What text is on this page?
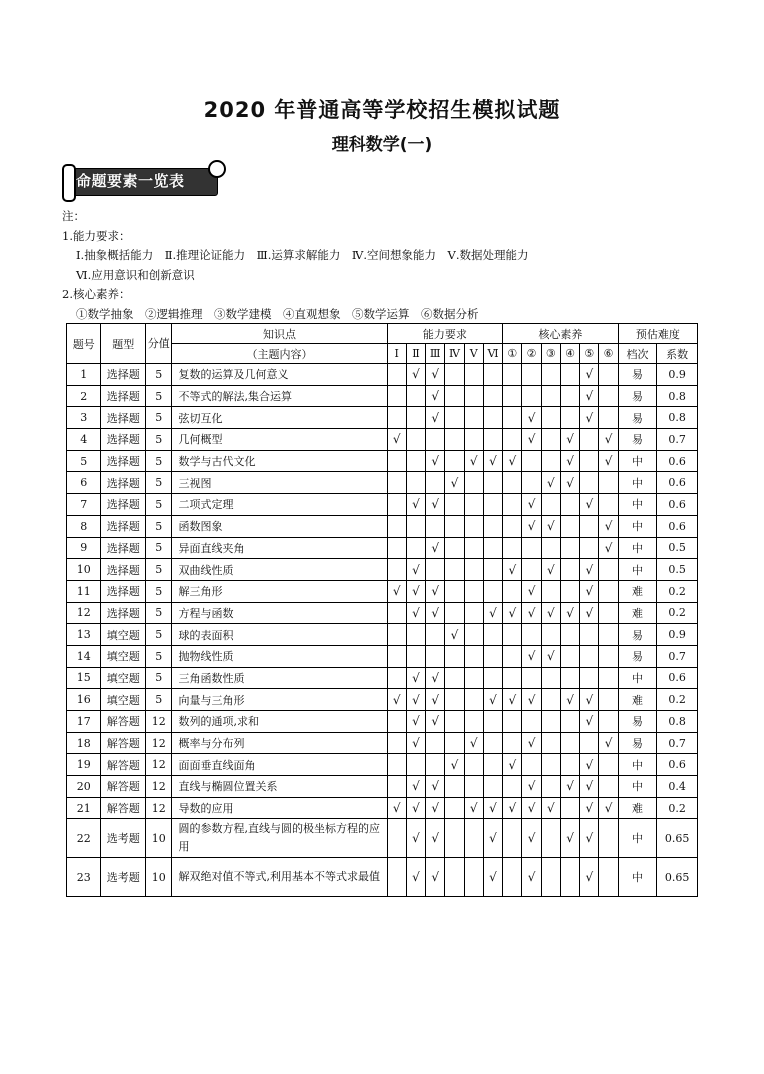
2020 年普通高等学校招生模拟试题
理科数学(一)
命题要素一览表
注：
1.能力要求：
Ⅰ.抽象概括能力　Ⅱ.推理论证能力　Ⅲ.运算求解能力　Ⅳ.空间想象能力　Ⅴ.数据处理能力
Ⅵ.应用意识和创新意识
2.核心素养：
①数学抽象　②逻辑推理　③数学建模　④直观想象　⑤数学运算　⑥数据分析
题号	题型	分值	知识点	能力要求						核心素养						预估难度	
			（主题内容）	Ⅰ	Ⅱ	Ⅲ	Ⅳ	Ⅴ	Ⅵ	①	②	③	④	⑤	⑥	档次	系数
1	选择题	5	复数的运算及几何意义		√	√								√		易	0.9
2	选择题	5	不等式的解法,集合运算			√								√		易	0.8
3	选择题	5	弦切互化			√					√			√		易	0.8
4	选择题	5	几何概型	√							√		√		√	易	0.7
5	选择题	5	数学与古代文化			√		√	√	√			√		√	中	0.6
6	选择题	5	三视图				√					√	√			中	0.6
7	选择题	5	二项式定理		√	√					√			√		中	0.6
8	选择题	5	函数图象								√	√			√	中	0.6
9	选择题	5	异面直线夹角			√									√	中	0.5
10	选择题	5	双曲线性质		√					√		√		√		中	0.5
11	选择题	5	解三角形	√	√	√					√			√		难	0.2
12	选择题	5	方程与函数		√	√			√	√	√	√	√	√		难	0.2
13	填空题	5	球的表面积				√									易	0.9
14	填空题	5	抛物线性质								√	√				易	0.7
15	填空题	5	三角函数性质		√	√										中	0.6
16	填空题	5	向量与三角形	√	√	√			√	√	√		√	√		难	0.2
17	解答题	12	数列的通项,求和		√	√								√		易	0.8
18	解答题	12	概率与分布列		√			√			√				√	易	0.7
19	解答题	12	面面垂直线面角				√			√				√		中	0.6
20	解答题	12	直线与椭圆位置关系		√	√					√		√	√		中	0.4
21	解答题	12	导数的应用	√	√	√		√	√	√	√	√		√	√	难	0.2
22	选考题	10	圆的参数方程,直线与圆的极坐标方程的应用		√	√			√		√		√	√		中	0.65
23	选考题	10	解双绝对值不等式,利用基本不等式求最值		√	√			√		√			√		中	0.65
